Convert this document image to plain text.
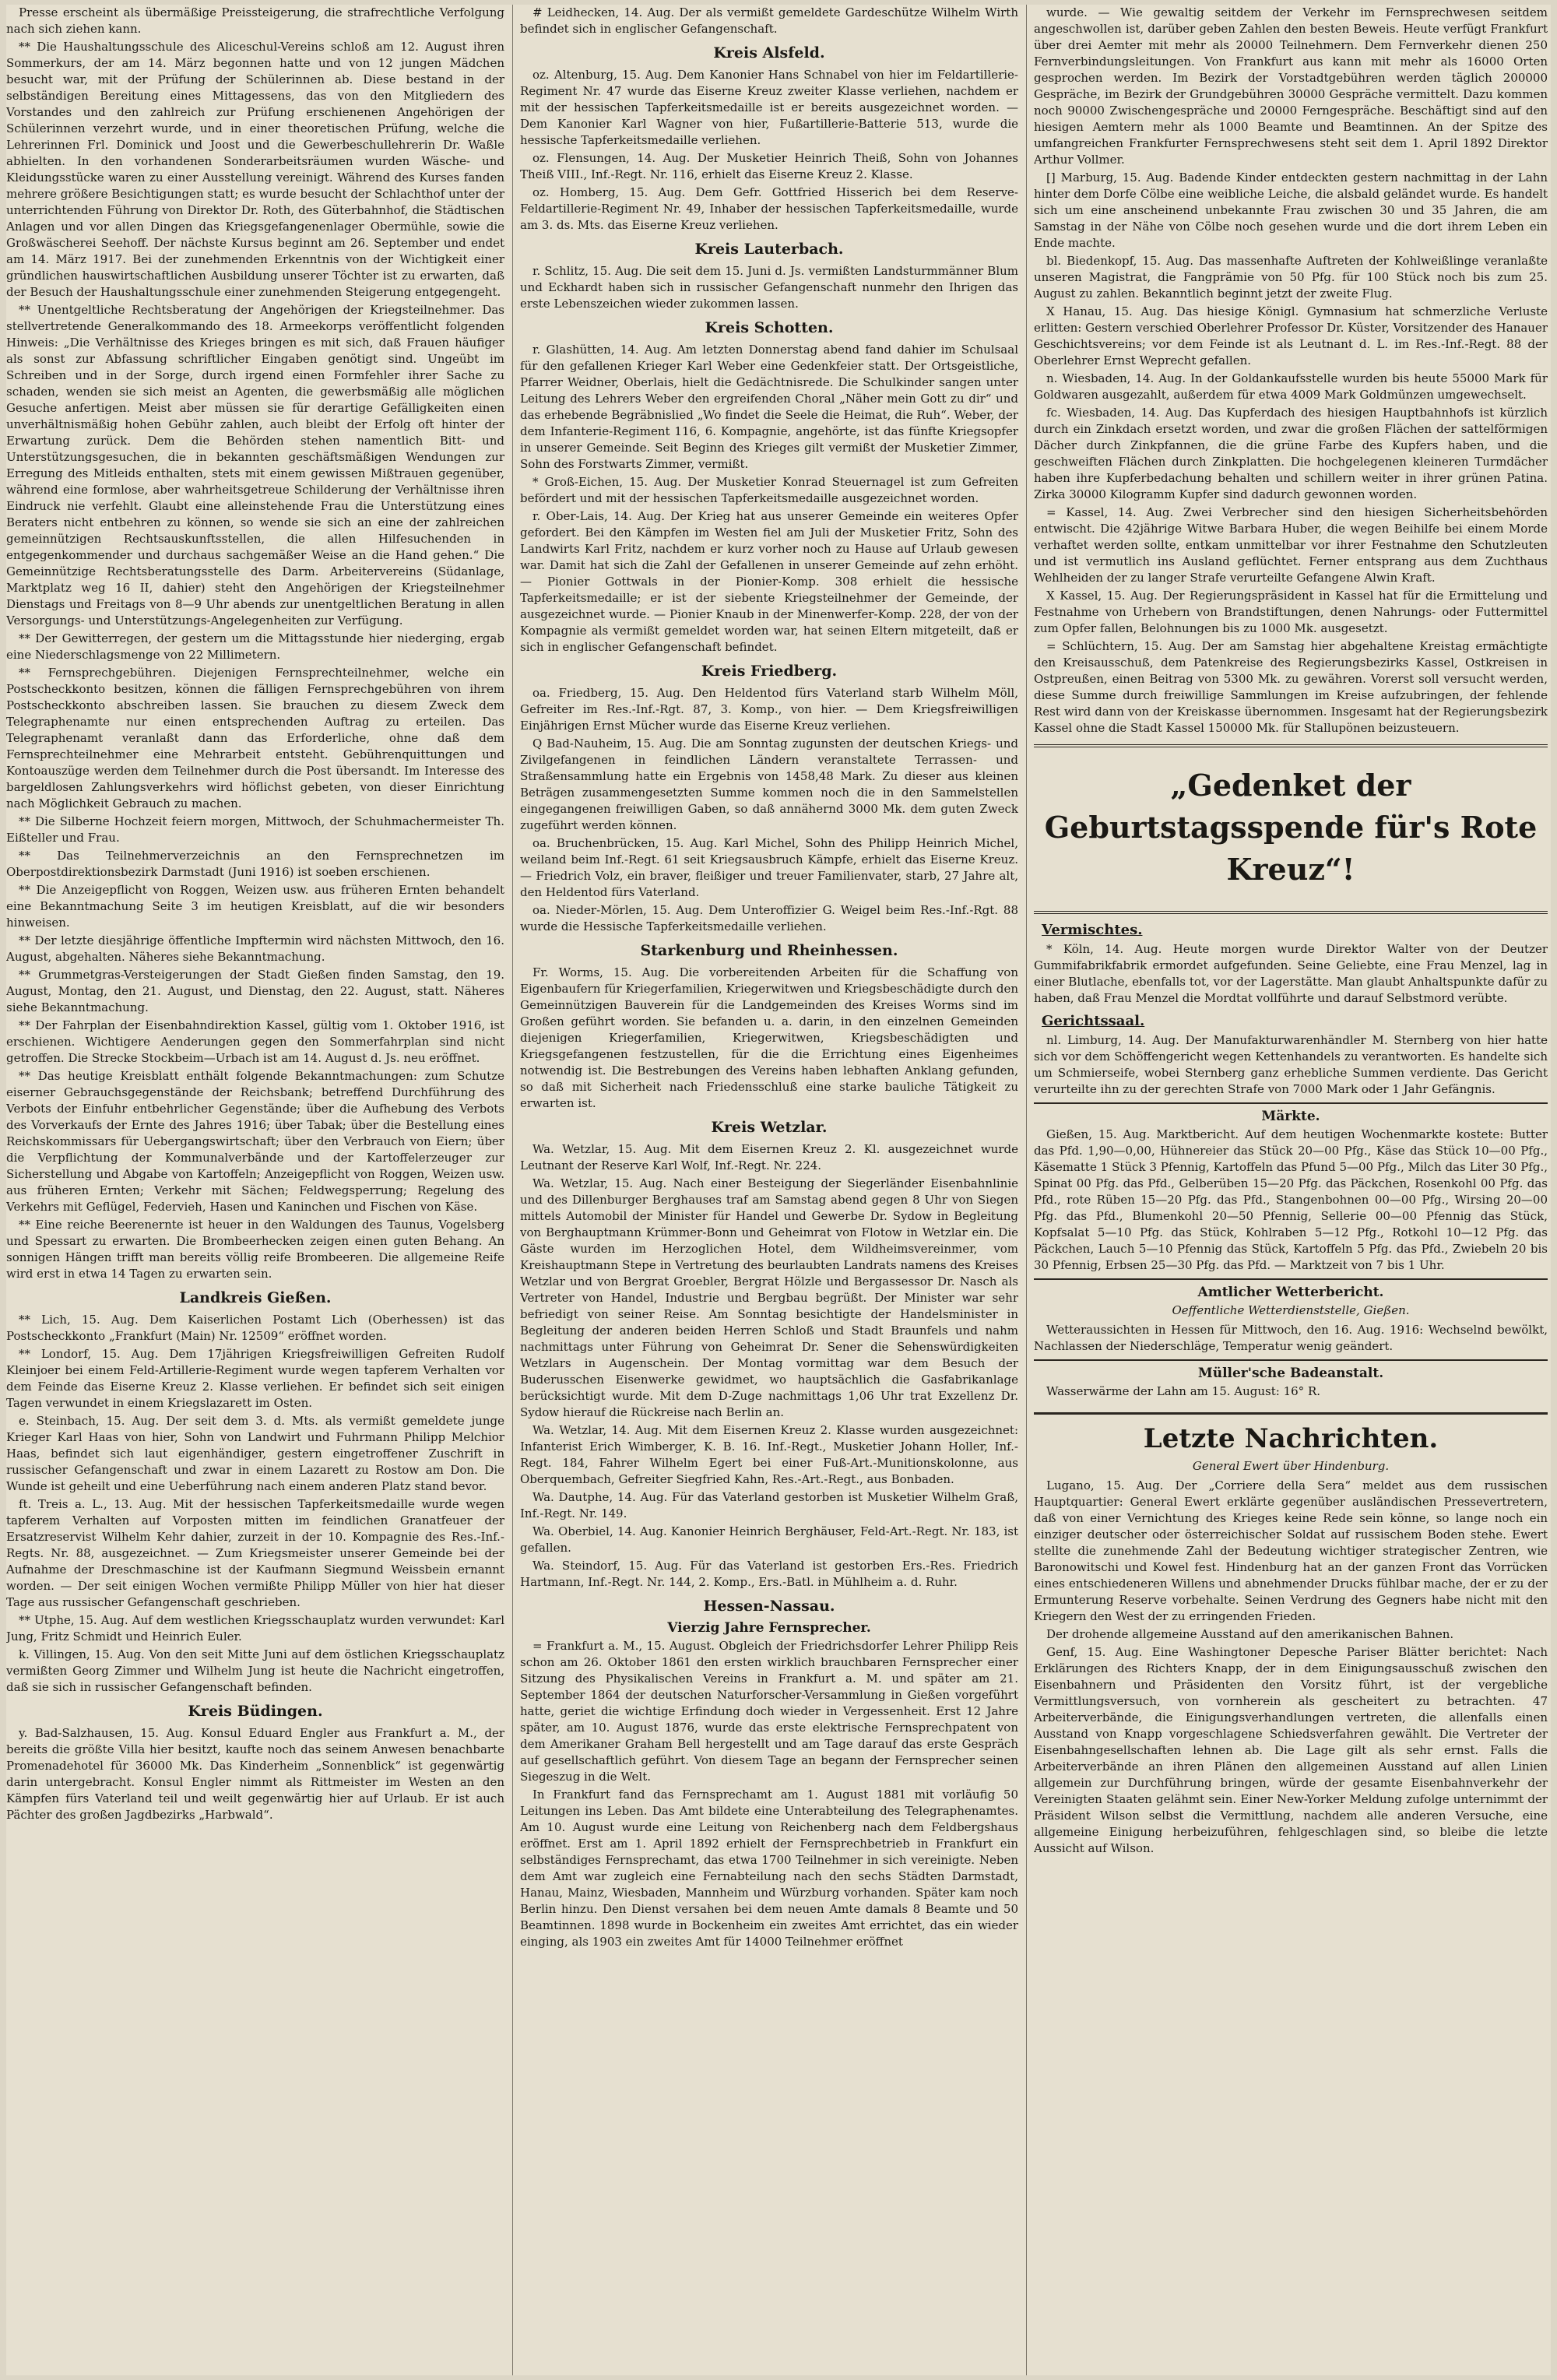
Presse erscheint als übermäßige Preissteigerung, die strafrechtliche Verfolgung nach sich ziehen kann.

** Die Haushaltungsschule des Aliceschul-Vereins schloß am 12. August ihren Sommerkurs, der am 14. März begonnen hatte und von 12 jungen Mädchen besucht war, mit der Prüfung der Schülerinnen ab. Diese bestand in der selbständigen Bereitung eines Mittagessens, das von den Mitgliedern des Vorstandes und den zahlreich zur Prüfung erschienenen Angehörigen der Schülerinnen verzehrt wurde, und in einer theoretischen Prüfung, welche die Lehrerinnen Frl. Dominick und Joost und die Gewerbeschullehrerin Dr. Waßle abhielten. In den vorhandenen Sonderarbeitsräumen wurden Wäsche- und Kleidungsstücke waren zu einer Ausstellung vereinigt. Während des Kurses fanden mehrere größere Besichtigungen statt; es wurde besucht der Schlachthof unter der unterrichtenden Führung von Direktor Dr. Roth, des Güterbahnhof, die Städtischen Anlagen und vor allen Dingen das Kriegsgefangenenlager Obermühle, sowie die Großwäscherei Seehoff. Der nächste Kursus beginnt am 26. September und endet am 14. März 1917. Bei der zunehmenden Erkenntnis von der Wichtigkeit einer gründlichen hauswirtschaftlichen Ausbildung unserer Töchter ist zu erwarten, daß der Besuch der Haushaltungsschule einer zunehmenden Steigerung entgegengeht.

** Unentgeltliche Rechtsberatung der Angehörigen der Kriegsteilnehmer. Das stellvertretende Generalkommando des 18. Armeekorps veröffentlicht folgenden Hinweis: „Die Verhältnisse des Krieges bringen es mit sich, daß Frauen häufiger als sonst zur Abfassung schriftlicher Eingaben genötigt sind. Ungeübt im Schreiben und in der Sorge, durch irgend einen Formfehler ihrer Sache zu schaden, wenden sie sich meist an Agenten, die gewerbsmäßig alle möglichen Gesuche anfertigen. Meist aber müssen sie für derartige Gefälligkeiten einen unverhältnismäßig hohen Gebühr zahlen, auch bleibt der Erfolg oft hinter der Erwartung zurück. Dem die Behörden stehen namentlich Bitt- und Unterstützungsgesuchen, die in bekannten geschäftsmäßigen Wendungen zur Erregung des Mitleids enthalten, stets mit einem gewissen Mißtrauen gegenüber, während eine formlose, aber wahrheitsgetreue Schilderung der Verhältnisse ihren Eindruck nie verfehlt. Glaubt eine alleinstehende Frau die Unterstützung eines Beraters nicht entbehren zu können, so wende sie sich an eine der zahlreichen gemeinnützigen Rechtsauskunftsstellen, die allen Hilfesuchenden in entgegenkommender und durchaus sachgemäßer Weise an die Hand gehen.“ Die Gemeinnützige Rechtsberatungsstelle des Darm. Arbeitervereins (Südanlage, Marktplatz weg 16 II, dahier) steht den Angehörigen der Kriegsteilnehmer Dienstags und Freitags von 8—9 Uhr abends zur unentgeltlichen Beratung in allen Versorgungs- und Unterstützungs-Angelegenheiten zur Verfügung.

** Der Gewitterregen, der gestern um die Mittagsstunde hier niederging, ergab eine Niederschlagsmenge von 22 Millimetern.

** Fernsprechgebühren. Diejenigen Fernsprechteilnehmer, welche ein Postscheckkonto besitzen, können die fälligen Fernsprechgebühren von ihrem Postscheckkonto abschreiben lassen. Sie brauchen zu diesem Zweck dem Telegraphenamte nur einen entsprechenden Auftrag zu erteilen. Das Telegraphenamt veranlaßt dann das Erforderliche, ohne daß dem Fernsprechteilnehmer eine Mehrarbeit entsteht. Gebührenquittungen und Kontoauszüge werden dem Teilnehmer durch die Post übersandt. Im Interesse des bargeldlosen Zahlungsverkehrs wird höflichst gebeten, von dieser Einrichtung nach Möglichkeit Gebrauch zu machen.

** Die Silberne Hochzeit feiern morgen, Mittwoch, der Schuhmachermeister Th. Eißteller und Frau.

** Das Teilnehmerverzeichnis an den Fernsprechnetzen im Oberpostdirektionsbezirk Darmstadt (Juni 1916) ist soeben erschienen.

** Die Anzeigepflicht von Roggen, Weizen usw. aus früheren Ernten behandelt eine Bekanntmachung Seite 3 im heutigen Kreisblatt, auf die wir besonders hinweisen.

** Der letzte diesjährige öffentliche Impftermin wird nächsten Mittwoch, den 16. August, abgehalten. Näheres siehe Bekanntmachung.

** Grummetgras-Versteigerungen der Stadt Gießen finden Samstag, den 19. August, Montag, den 21. August, und Dienstag, den 22. August, statt. Näheres siehe Bekanntmachung.

** Der Fahrplan der Eisenbahndirektion Kassel, gültig vom 1. Oktober 1916, ist erschienen. Wichtigere Aenderungen gegen den Sommerfahrplan sind nicht getroffen. Die Strecke Stockbeim—Urbach ist am 14. August d. Js. neu eröffnet.

** Das heutige Kreisblatt enthält folgende Bekanntmachungen: zum Schutze eiserner Gebrauchsgegenstände der Reichsbank; betreffend Durchführung des Verbots der Einfuhr entbehrlicher Gegenstände; über die Aufhebung des Verbots des Vorverkaufs der Ernte des Jahres 1916; über Tabak; über die Bestellung eines Reichskommissars für Uebergangswirtschaft; über den Verbrauch von Eiern; über die Verpflichtung der Kommunalverbände und der Kartoffelerzeuger zur Sicherstellung und Abgabe von Kartoffeln; Anzeigepflicht von Roggen, Weizen usw. aus früheren Ernten; Verkehr mit Sächen; Feldwegsperrung; Regelung des Verkehrs mit Geflügel, Federvieh, Hasen und Kaninchen und Fischen von Käse.

** Eine reiche Beerenernte ist heuer in den Waldungen des Taunus, Vogelsberg und Spessart zu erwarten. Die Brombeerhecken zeigen einen guten Behang. An sonnigen Hängen trifft man bereits völlig reife Brombeeren. Die allgemeine Reife wird erst in etwa 14 Tagen zu erwarten sein.

Landkreis Gießen.

** Lich, 15. Aug. Dem Kaiserlichen Postamt Lich (Oberhessen) ist das Postscheckkonto „Frankfurt (Main) Nr. 12509“ eröffnet worden.

** Londorf, 15. Aug. Dem 17jährigen Kriegsfreiwilligen Gefreiten Rudolf Kleinjoer bei einem Feld-Artillerie-Regiment wurde wegen tapferem Verhalten vor dem Feinde das Eiserne Kreuz 2. Klasse verliehen. Er befindet sich seit einigen Tagen verwundet in einem Kriegslazarett im Osten.

e. Steinbach, 15. Aug. Der seit dem 3. d. Mts. als vermißt gemeldete junge Krieger Karl Haas von hier, Sohn von Landwirt und Fuhrmann Philipp Melchior Haas, befindet sich laut eigenhändiger, gestern eingetroffener Zuschrift in russischer Gefangenschaft und zwar in einem Lazarett zu Rostow am Don. Die Wunde ist geheilt und eine Ueberführung nach einem anderen Platz stand bevor.

ft. Treis a. L., 13. Aug. Mit der hessischen Tapferkeitsmedaille wurde wegen tapferem Verhalten auf Vorposten mitten im feindlichen Granatfeuer der Ersatzreservist Wilhelm Kehr dahier, zurzeit in der 10. Kompagnie des Res.-Inf.-Regts. Nr. 88, ausgezeichnet. — Zum Kriegsmeister unserer Gemeinde bei der Aufnahme der Dreschmaschine ist der Kaufmann Siegmund Weissbein ernannt worden. — Der seit einigen Wochen vermißte Philipp Müller von hier hat dieser Tage aus russischer Gefangenschaft geschrieben.

** Utphe, 15. Aug. Auf dem westlichen Kriegsschauplatz wurden verwundet: Karl Jung, Fritz Schmidt und Heinrich Euler.

k. Villingen, 15. Aug. Von den seit Mitte Juni auf dem östlichen Kriegsschauplatz vermißten Georg Zimmer und Wilhelm Jung ist heute die Nachricht eingetroffen, daß sie sich in russischer Gefangenschaft befinden.

Kreis Büdingen.

y. Bad-Salzhausen, 15. Aug. Konsul Eduard Engler aus Frankfurt a. M., der bereits die größte Villa hier besitzt, kaufte noch das seinem Anwesen benachbarte Promenadehotel für 36000 Mk. Das Kinderheim „Sonnenblick“ ist gegenwärtig darin untergebracht. Konsul Engler nimmt als Rittmeister im Westen an den Kämpfen fürs Vaterland teil und weilt gegenwärtig hier auf Urlaub. Er ist auch Pächter des großen Jagdbezirks „Harbwald“.

# Leidhecken, 14. Aug. Der als vermißt gemeldete Gardeschütze Wilhelm Wirth befindet sich in englischer Gefangenschaft.

Kreis Alsfeld.

oz. Altenburg, 15. Aug. Dem Kanonier Hans Schnabel von hier im Feldartillerie-Regiment Nr. 47 wurde das Eiserne Kreuz zweiter Klasse verliehen, nachdem er mit der hessischen Tapferkeitsmedaille ist er bereits ausgezeichnet worden. — Dem Kanonier Karl Wagner von hier, Fußartillerie-Batterie 513, wurde die hessische Tapferkeitsmedaille verliehen.

oz. Flensungen, 14. Aug. Der Musketier Heinrich Theiß, Sohn von Johannes Theiß VIII., Inf.-Regt. Nr. 116, erhielt das Eiserne Kreuz 2. Klasse.

oz. Homberg, 15. Aug. Dem Gefr. Gottfried Hisserich bei dem Reserve-Feldartillerie-Regiment Nr. 49, Inhaber der hessischen Tapferkeitsmedaille, wurde am 3. ds. Mts. das Eiserne Kreuz verliehen.

Kreis Lauterbach.

r. Schlitz, 15. Aug. Die seit dem 15. Juni d. Js. vermißten Landsturmmänner Blum und Eckhardt haben sich in russischer Gefangenschaft nunmehr den Ihrigen das erste Lebenszeichen wieder zukommen lassen.

Kreis Schotten.

r. Glashütten, 14. Aug. Am letzten Donnerstag abend fand dahier im Schulsaal für den gefallenen Krieger Karl Weber eine Gedenkfeier statt. Der Ortsgeistliche, Pfarrer Weidner, Oberlais, hielt die Gedächtnisrede. Die Schulkinder sangen unter Leitung des Lehrers Weber den ergreifenden Choral „Näher mein Gott zu dir“ und das erhebende Begräbnislied „Wo findet die Seele die Heimat, die Ruh“. Weber, der dem Infanterie-Regiment 116, 6. Kompagnie, angehörte, ist das fünfte Kriegsopfer in unserer Gemeinde. Seit Beginn des Krieges gilt vermißt der Musketier Zimmer, Sohn des Forstwarts Zimmer, vermißt.

* Groß-Eichen, 15. Aug. Der Musketier Konrad Steuernagel ist zum Gefreiten befördert und mit der hessischen Tapferkeitsmedaille ausgezeichnet worden.

r. Ober-Lais, 14. Aug. Der Krieg hat aus unserer Gemeinde ein weiteres Opfer gefordert. Bei den Kämpfen im Westen fiel am Juli der Musketier Fritz, Sohn des Landwirts Karl Fritz, nachdem er kurz vorher noch zu Hause auf Urlaub gewesen war. Damit hat sich die Zahl der Gefallenen in unserer Gemeinde auf zehn erhöht. — Pionier Gottwals in der Pionier-Komp. 308 erhielt die hessische Tapferkeitsmedaille; er ist der siebente Kriegsteilnehmer der Gemeinde, der ausgezeichnet wurde. — Pionier Knaub in der Minenwerfer-Komp. 228, der von der Kompagnie als vermißt gemeldet worden war, hat seinen Eltern mitgeteilt, daß er sich in englischer Gefangenschaft befindet.

Kreis Friedberg.

oa. Friedberg, 15. Aug. Den Heldentod fürs Vaterland starb Wilhelm Möll, Gefreiter im Res.-Inf.-Rgt. 87, 3. Komp., von hier. — Dem Kriegsfreiwilligen Einjährigen Ernst Mücher wurde das Eiserne Kreuz verliehen.

Q Bad-Nauheim, 15. Aug. Die am Sonntag zugunsten der deutschen Kriegs- und Zivilgefangenen in feindlichen Ländern veranstaltete Terrassen- und Straßensammlung hatte ein Ergebnis von 1458,48 Mark. Zu dieser aus kleinen Beträgen zusammengesetzten Summe kommen noch die in den Sammelstellen eingegangenen freiwilligen Gaben, so daß annähernd 3000 Mk. dem guten Zweck zugeführt werden können.

oa. Bruchenbrücken, 15. Aug. Karl Michel, Sohn des Philipp Heinrich Michel, weiland beim Inf.-Regt. 61 seit Kriegsausbruch Kämpfe, erhielt das Eiserne Kreuz. — Friedrich Volz, ein braver, fleißiger und treuer Familienvater, starb, 27 Jahre alt, den Heldentod fürs Vaterland.

oa. Nieder-Mörlen, 15. Aug. Dem Unteroffizier G. Weigel beim Res.-Inf.-Rgt. 88 wurde die Hessische Tapferkeitsmedaille verliehen.

Starkenburg und Rheinhessen.

Fr. Worms, 15. Aug. Die vorbereitenden Arbeiten für die Schaffung von Eigenbaufern für Kriegerfamilien, Kriegerwitwen und Kriegsbeschädigte durch den Gemeinnützigen Bauverein für die Landgemeinden des Kreises Worms sind im Großen geführt worden. Sie befanden u. a. darin, in den einzelnen Gemeinden diejenigen Kriegerfamilien, Kriegerwitwen, Kriegsbeschädigten und Kriegsgefangenen festzustellen, für die die Errichtung eines Eigenheimes notwendig ist. Die Bestrebungen des Vereins haben lebhaften Anklang gefunden, so daß mit Sicherheit nach Friedensschluß eine starke bauliche Tätigkeit zu erwarten ist.

Kreis Wetzlar.

Wa. Wetzlar, 15. Aug. Mit dem Eisernen Kreuz 2. Kl. ausgezeichnet wurde Leutnant der Reserve Karl Wolf, Inf.-Regt. Nr. 224.

Wa. Wetzlar, 15. Aug. Nach einer Besteigung der Siegerländer Eisenbahnlinie und des Dillenburger Berghauses traf am Samstag abend gegen 8 Uhr von Siegen mittels Automobil der Minister für Handel und Gewerbe Dr. Sydow in Begleitung von Berghauptmann Krümmer-Bonn und Geheimrat von Flotow in Wetzlar ein. Die Gäste wurden im Herzoglichen Hotel, dem Wildheimsvereinmer, vom Kreishauptmann Stepe in Vertretung des beurlaubten Landrats namens des Kreises Wetzlar und von Bergrat Groebler, Bergrat Hölzle und Bergassessor Dr. Nasch als Vertreter von Handel, Industrie und Bergbau begrüßt. Der Minister war sehr befriedigt von seiner Reise. Am Sonntag besichtigte der Handelsminister in Begleitung der anderen beiden Herren Schloß und Stadt Braunfels und nahm nachmittags unter Führung von Geheimrat Dr. Sener die Sehenswürdigkeiten Wetzlars in Augenschein. Der Montag vormittag war dem Besuch der Buderusschen Eisenwerke gewidmet, wo hauptsächlich die Gasfabrikanlage berücksichtigt wurde. Mit dem D-Zuge nachmittags 1,06 Uhr trat Exzellenz Dr. Sydow hierauf die Rückreise nach Berlin an.

Wa. Wetzlar, 14. Aug. Mit dem Eisernen Kreuz 2. Klasse wurden ausgezeichnet: Infanterist Erich Wimberger, K. B. 16. Inf.-Regt., Musketier Johann Holler, Inf.-Regt. 184, Fahrer Wilhelm Egert bei einer Fuß-Art.-Munitionskolonne, aus Oberquembach, Gefreiter Siegfried Kahn, Res.-Art.-Regt., aus Bonbaden.

Wa. Dautphe, 14. Aug. Für das Vaterland gestorben ist Musketier Wilhelm Graß, Inf.-Regt. Nr. 149.

Wa. Oberbiel, 14. Aug. Kanonier Heinrich Berghäuser, Feld-Art.-Regt. Nr. 183, ist gefallen.

Wa. Steindorf, 15. Aug. Für das Vaterland ist gestorben Ers.-Res. Friedrich Hartmann, Inf.-Regt. Nr. 144, 2. Komp., Ers.-Batl. in Mühlheim a. d. Ruhr.

Hessen-Nassau.
Vierzig Jahre Fernsprecher.

= Frankfurt a. M., 15. August. Obgleich der Friedrichsdorfer Lehrer Philipp Reis schon am 26. Oktober 1861 den ersten wirklich brauchbaren Fernsprecher einer Sitzung des Physikalischen Vereins in Frankfurt a. M. und später am 21. September 1864 der deutschen Naturforscher-Versammlung in Gießen vorgeführt hatte, geriet die wichtige Erfindung doch wieder in Vergessenheit. Erst 12 Jahre später, am 10. August 1876, wurde das erste elektrische Fernsprechpatent von dem Amerikaner Graham Bell hergestellt und am Tage darauf das erste Gespräch auf gesellschaftlich geführt. Von diesem Tage an begann der Fernsprecher seinen Siegeszug in die Welt.

In Frankfurt fand das Fernsprechamt am 1. August 1881 mit vorläufig 50 Leitungen ins Leben. Das Amt bildete eine Unterabteilung des Telegraphenamtes. Am 10. August wurde eine Leitung von Reichenberg nach dem Feldbergshaus eröffnet. Erst am 1. April 1892 erhielt der Fernsprechbetrieb in Frankfurt ein selbständiges Fernsprechamt, das etwa 1700 Teilnehmer in sich vereinigte. Neben dem Amt war zugleich eine Fernabteilung nach den sechs Städten Darmstadt, Hanau, Mainz, Wiesbaden, Mannheim und Würzburg vorhanden. Später kam noch Berlin hinzu. Den Dienst versahen bei dem neuen Amte damals 8 Beamte und 50 Beamtinnen. 1898 wurde in Bockenheim ein zweites Amt errichtet, das ein wieder einging, als 1903 ein zweites Amt für 14000 Teilnehmer eröffnet

wurde. — Wie gewaltig seitdem der Verkehr im Fernsprechwesen seitdem angeschwollen ist, darüber geben Zahlen den besten Beweis. Heute verfügt Frankfurt über drei Aemter mit mehr als 20000 Teilnehmern. Dem Fernverkehr dienen 250 Fernverbindungsleitungen. Von Frankfurt aus kann mit mehr als 16000 Orten gesprochen werden. Im Bezirk der Vorstadtgebühren werden täglich 200000 Gespräche, im Bezirk der Grundgebühren 30000 Gespräche vermittelt. Dazu kommen noch 90000 Zwischengespräche und 20000 Ferngespräche. Beschäftigt sind auf den hiesigen Aemtern mehr als 1000 Beamte und Beamtinnen. An der Spitze des umfangreichen Frankfurter Fernsprechwesens steht seit dem 1. April 1892 Direktor Arthur Vollmer.

[] Marburg, 15. Aug. Badende Kinder entdeckten gestern nachmittag in der Lahn hinter dem Dorfe Cölbe eine weibliche Leiche, die alsbald geländet wurde. Es handelt sich um eine anscheinend unbekannte Frau zwischen 30 und 35 Jahren, die am Samstag in der Nähe von Cölbe noch gesehen wurde und die dort ihrem Leben ein Ende machte.

bl. Biedenkopf, 15. Aug. Das massenhafte Auftreten der Kohlweißlinge veranlaßte unseren Magistrat, die Fangprämie von 50 Pfg. für 100 Stück noch bis zum 25. August zu zahlen. Bekanntlich beginnt jetzt der zweite Flug.

X Hanau, 15. Aug. Das hiesige Königl. Gymnasium hat schmerzliche Verluste erlitten: Gestern verschied Oberlehrer Professor Dr. Küster, Vorsitzender des Hanauer Geschichtsvereins; vor dem Feinde ist als Leutnant d. L. im Res.-Inf.-Regt. 88 der Oberlehrer Ernst Weprecht gefallen.

n. Wiesbaden, 14. Aug. In der Goldankaufsstelle wurden bis heute 55000 Mark für Goldwaren ausgezahlt, außerdem für etwa 4009 Mark Goldmünzen umgewechselt.

fc. Wiesbaden, 14. Aug. Das Kupferdach des hiesigen Hauptbahnhofs ist kürzlich durch ein Zinkdach ersetzt worden, und zwar die großen Flächen der sattelförmigen Dächer durch Zinkpfannen, die die grüne Farbe des Kupfers haben, und die geschweiften Flächen durch Zinkplatten. Die hochgelegenen kleineren Turmdächer haben ihre Kupferbedachung behalten und schillern weiter in ihrer grünen Patina. Zirka 30000 Kilogramm Kupfer sind dadurch gewonnen worden.

= Kassel, 14. Aug. Zwei Verbrecher sind den hiesigen Sicherheitsbehörden entwischt. Die 42jährige Witwe Barbara Huber, die wegen Beihilfe bei einem Morde verhaftet werden sollte, entkam unmittelbar vor ihrer Festnahme den Schutzleuten und ist vermutlich ins Ausland geflüchtet. Ferner entsprang aus dem Zuchthaus Wehlheiden der zu langer Strafe verurteilte Gefangene Alwin Kraft.

X Kassel, 15. Aug. Der Regierungspräsident in Kassel hat für die Ermittelung und Festnahme von Urhebern von Brandstiftungen, denen Nahrungs- oder Futtermittel zum Opfer fallen, Belohnungen bis zu 1000 Mk. ausgesetzt.

= Schlüchtern, 15. Aug. Der am Samstag hier abgehaltene Kreistag ermächtigte den Kreisausschuß, dem Patenkreise des Regierungsbezirks Kassel, Ostkreisen in Ostpreußen, einen Beitrag von 5300 Mk. zu gewähren. Vorerst soll versucht werden, diese Summe durch freiwillige Sammlungen im Kreise aufzubringen, der fehlende Rest wird dann von der Kreiskasse übernommen. Insgesamt hat der Regierungsbezirk Kassel ohne die Stadt Kassel 150000 Mk. für Stallupönen beizusteuern.

„Gedenket der Geburtstagsspende für's Rote Kreuz“!
Vermischtes.

* Köln, 14. Aug. Heute morgen wurde Direktor Walter von der Deutzer Gummifabrikfabrik ermordet aufgefunden. Seine Geliebte, eine Frau Menzel, lag in einer Blutlache, ebenfalls tot, vor der Lagerstätte. Man glaubt Anhaltspunkte dafür zu haben, daß Frau Menzel die Mordtat vollführte und darauf Selbstmord verübte.

Gerichtssaal.

nl. Limburg, 14. Aug. Der Manufakturwarenhändler M. Sternberg von hier hatte sich vor dem Schöffengericht wegen Kettenhandels zu verantworten. Es handelte sich um Schmierseife, wobei Sternberg ganz erhebliche Summen verdiente. Das Gericht verurteilte ihn zu der gerechten Strafe von 7000 Mark oder 1 Jahr Gefängnis.

Märkte.

Gießen, 15. Aug. Marktbericht. Auf dem heutigen Wochenmarkte kostete: Butter das Pfd. 1,90—0,00, Hühnereier das Stück 20—00 Pfg., Käse das Stück 10—00 Pfg., Käsematte 1 Stück 3 Pfennig, Kartoffeln das Pfund 5—00 Pfg., Milch das Liter 30 Pfg., Spinat 00 Pfg. das Pfd., Gelberüben 15—20 Pfg. das Päckchen, Rosenkohl 00 Pfg. das Pfd., rote Rüben 15—20 Pfg. das Pfd., Stangenbohnen 00—00 Pfg., Wirsing 20—00 Pfg. das Pfd., Blumenkohl 20—50 Pfennig, Sellerie 00—00 Pfennig das Stück, Kopfsalat 5—10 Pfg. das Stück, Kohlraben 5—12 Pfg., Rotkohl 10—12 Pfg. das Päckchen, Lauch 5—10 Pfennig das Stück, Kartoffeln 5 Pfg. das Pfd., Zwiebeln 20 bis 30 Pfennig, Erbsen 25—30 Pfg. das Pfd. — Marktzeit von 7 bis 1 Uhr.

Amtlicher Wetterbericht.

Oeffentliche Wetterdienststelle, Gießen.

Wetteraussichten in Hessen für Mittwoch, den 16. Aug. 1916: Wechselnd bewölkt, Nachlassen der Niederschläge, Temperatur wenig geändert.

Müller'sche Badeanstalt.

Wasserwärme der Lahn am 15. August: 16° R.

Letzte Nachrichten.

General Ewert über Hindenburg.

Lugano, 15. Aug. Der „Corriere della Sera“ meldet aus dem russischen Hauptquartier: General Ewert erklärte gegenüber ausländischen Pressevertretern, daß von einer Vernichtung des Krieges keine Rede sein könne, so lange noch ein einziger deutscher oder österreichischer Soldat auf russischem Boden stehe. Ewert stellte die zunehmende Zahl der Bedeutung wichtiger strategischer Zentren, wie Baronowitschi und Kowel fest. Hindenburg hat an der ganzen Front das Vorrücken eines entschiedeneren Willens und abnehmender Drucks fühlbar mache, der er zu der Ermunterung Reserve vorbehalte. Seinen Verdrung des Gegners habe nicht mit den Kriegern den West der zu erringenden Frieden.

Der drohende allgemeine Ausstand auf den amerikanischen Bahnen.

Genf, 15. Aug. Eine Washingtoner Depesche Pariser Blätter berichtet: Nach Erklärungen des Richters Knapp, der in dem Einigungsausschuß zwischen den Eisenbahnern und Präsidenten den Vorsitz führt, ist der vergebliche Vermittlungsversuch, von vornherein als gescheitert zu betrachten. 47 Arbeiterverbände, die Einigungsverhandlungen vertreten, die allenfalls einen Ausstand von Knapp vorgeschlagene Schiedsverfahren gewählt. Die Vertreter der Eisenbahngesellschaften lehnen ab. Die Lage gilt als sehr ernst. Falls die Arbeiterverbände an ihren Plänen den allgemeinen Ausstand auf allen Linien allgemein zur Durchführung bringen, würde der gesamte Eisenbahnverkehr der Vereinigten Staaten gelähmt sein. Einer New-Yorker Meldung zufolge unternimmt der Präsident Wilson selbst die Vermittlung, nachdem alle anderen Versuche, eine allgemeine Einigung herbeizuführen, fehlgeschlagen sind, so bleibe die letzte Aussicht auf Wilson.
